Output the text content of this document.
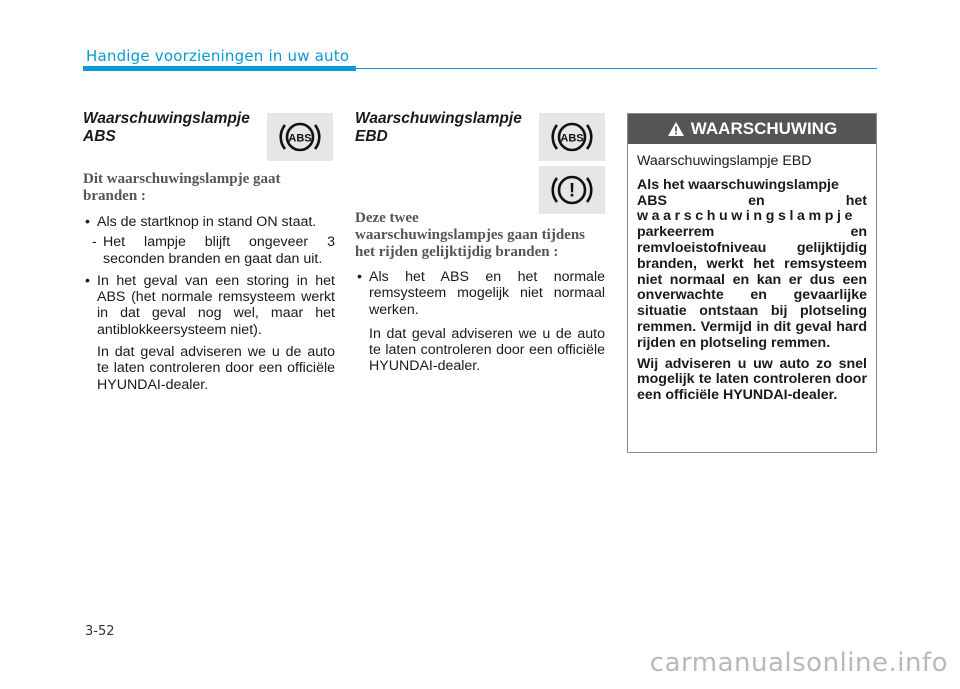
Handige voorzieningen in uw auto
Waarschuwingslampje
ABS
Dit waarschuwingslampje gaat
branden :
• Als de startknop in stand ON staat.
- Het lampje blijft ongeveer 3 seconden branden en gaat dan uit.
• In het geval van een storing in het ABS (het normale remsysteem werkt in dat geval nog wel, maar het antiblokkeersysteem niet).
In dat geval adviseren we u de auto te laten controleren door een officiële HYUNDAI-dealer.
ABS
Waarschuwingslampje
EBD
Deze twee
waarschuwingslampjes gaan tijdens
het rijden gelijktijdig branden :
• Als het ABS en het normale remsysteem mogelijk niet normaal werken.
In dat geval adviseren we u de auto te laten controleren door een officiële HYUNDAI-dealer.
ABS
!
WAARSCHUWING

Waarschuwingslampje EBD

Als het waarschuwingslampje

ABS	en	het
waarschuwingslampje
parkeerrem en remvloeistofniveau gelijktijdig branden, werkt het remsysteem niet normaal en kan er dus een onverwachte en gevaarlijke situatie ontstaan bij plotseling remmen. Vermijd in dit geval hard rijden en plotseling remmen.

Wij adviseren u uw auto zo snel mogelijk te laten controleren door een officiële HYUNDAI-dealer.

3-52
carmanualsonline.info
